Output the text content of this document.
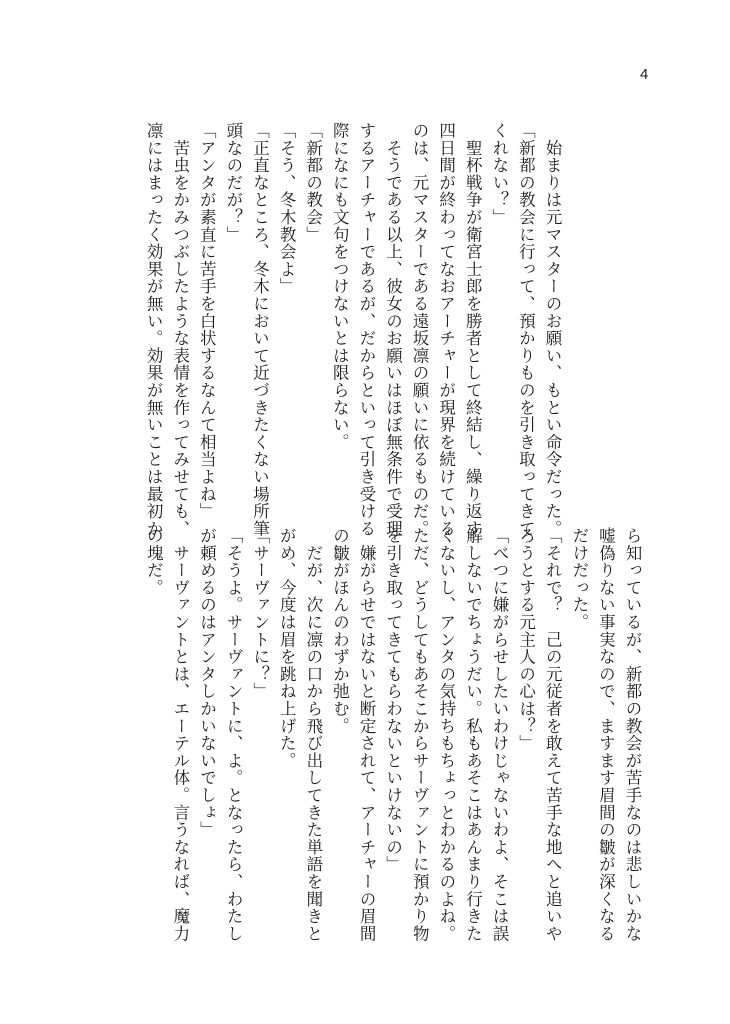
4
　始まりは元マスターのお願い、もとい命令だった。
「新都の教会に行って、預かりものを引き取ってきて
くれない？」
　聖杯戦争が衛宮士郎を勝者として終結し、繰り返す
四日間が終わってなおアーチャーが現界を続けている
のは、元マスターである遠坂凛の願いに依るものだ。
　そうである以上、彼女のお願いはほぼ無条件で受理
するアーチャーであるが、だからといって引き受ける
際になにも文句をつけないとは限らない。
「新都の教会」
「そう、冬木教会よ」
「正直なところ、冬木において近づきたくない場所筆
頭なのだが？」
「アンタが素直に苦手を白状するなんて相当よね」
　苦虫をかみつぶしたような表情を作ってみせても、
凛にはまったく効果が無い。効果が無いことは最初か
ら知っているが、新都の教会が苦手なのは悲しいかな
嘘偽りない事実なので、ますます眉間の皺が深くなる
だけだった。
「それで？　己の元従者を敢えて苦手な地へと追いや
ろうとする元主人の心は？」
「べつに嫌がらせしたいわけじゃないわよ、そこは誤
解しないでちょうだい。私もあそこはあんまり行きた
くないし、アンタの気持ちもちょっとわかるのよね。
ただ、どうしてもあそこからサーヴァントに預かり物
を引き取ってきてもらわないといけないの」
　嫌がらせではないと断定されて、アーチャーの眉間
の皺がほんのわずか弛む。
　だが、次に凛の口から飛び出してきた単語を聞きと
がめ、今度は眉を跳ね上げた。
「サーヴァントに？」
「そうよ。サーヴァントに、よ。となったら、わたし
が頼めるのはアンタしかいないでしょ」
　サーヴァントとは、エーテル体。言うなれば、魔力
の塊だ。
